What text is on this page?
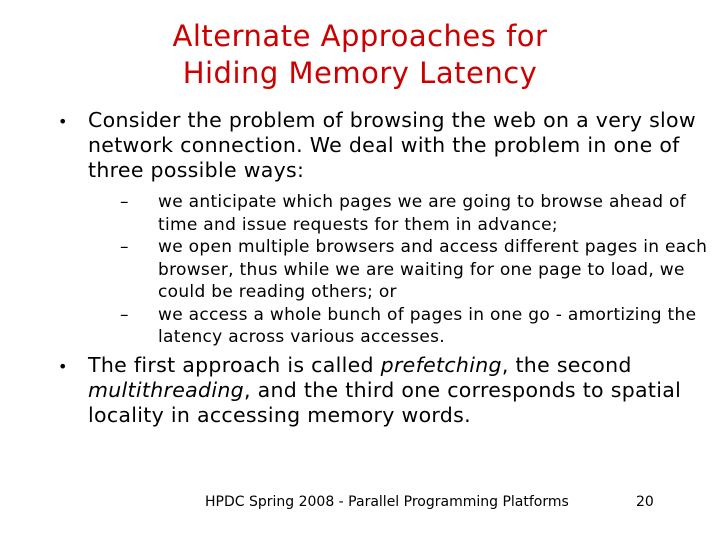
Alternate Approaches for
Hiding Memory Latency
• Consider the problem of browsing the web on a very slow network connection. We deal with the problem in one of three possible ways:
–	we anticipate which pages we are going to browse ahead of time and issue requests for them in advance;
–	we open multiple browsers and access different pages in each browser, thus while we are waiting for one page to load, we could be reading others; or
–	we access a whole bunch of pages in one go - amortizing the latency across various accesses.
• The first approach is called prefetching, the second multithreading, and the third one corresponds to spatial locality in accessing memory words.
HPDC Spring 2008 - Parallel Programming Platforms	20
